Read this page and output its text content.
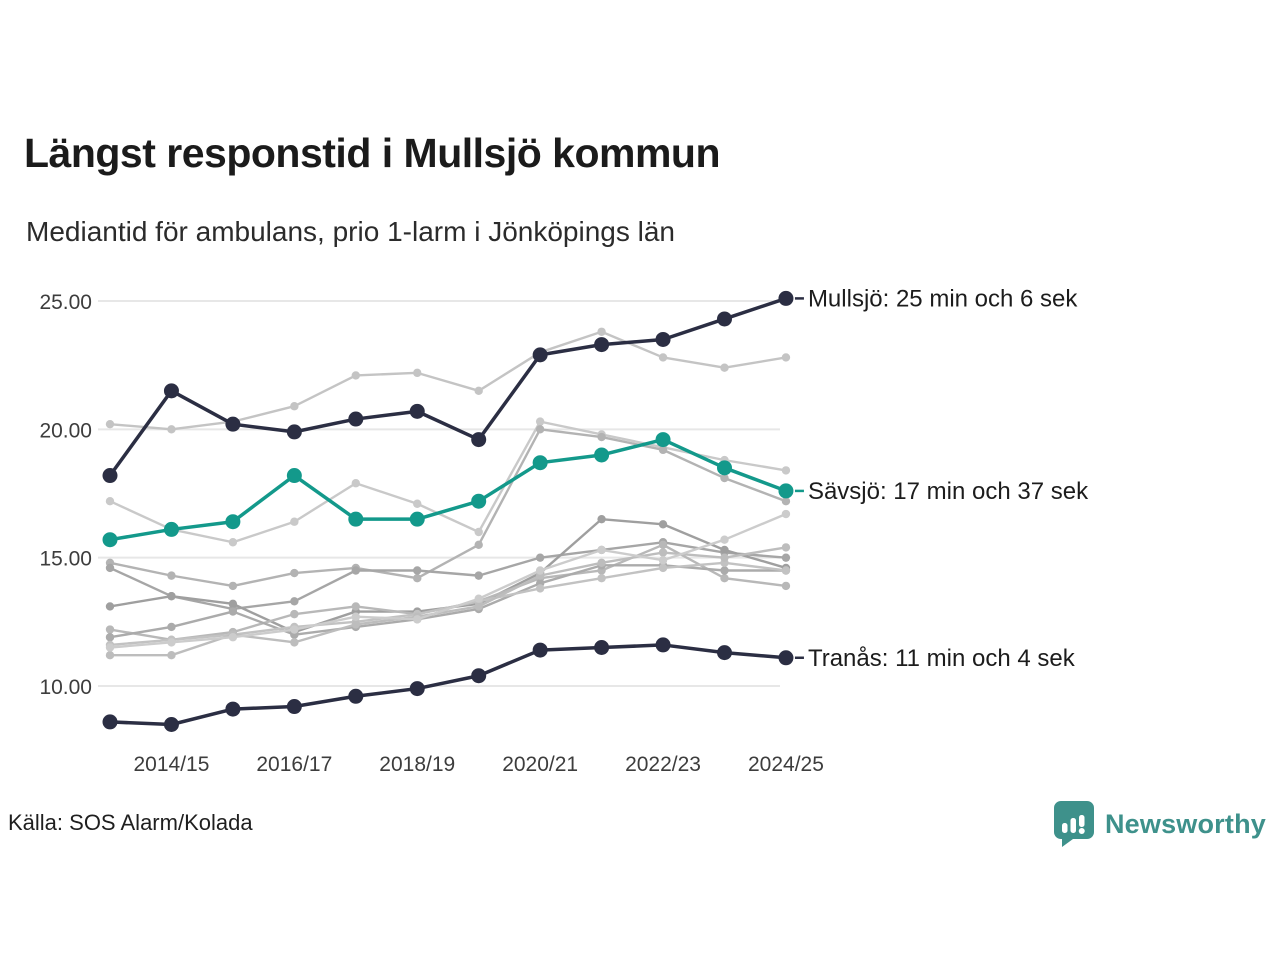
Längst responstid i Mullsjö kommun
Mediantid för ambulans, prio 1-larm i Jönköpings län
25.00
20.00
15.00
10.00
2014/15 2016/17 2018/19 2020/21 2022/23 2024/25
Sävsjö: 17 min och 37 sek
Tranås: 11 min och 4 sek
Mullsjö: 25 min och 6 sek
Källa: SOS Alarm/Kolada	Newsworthy
